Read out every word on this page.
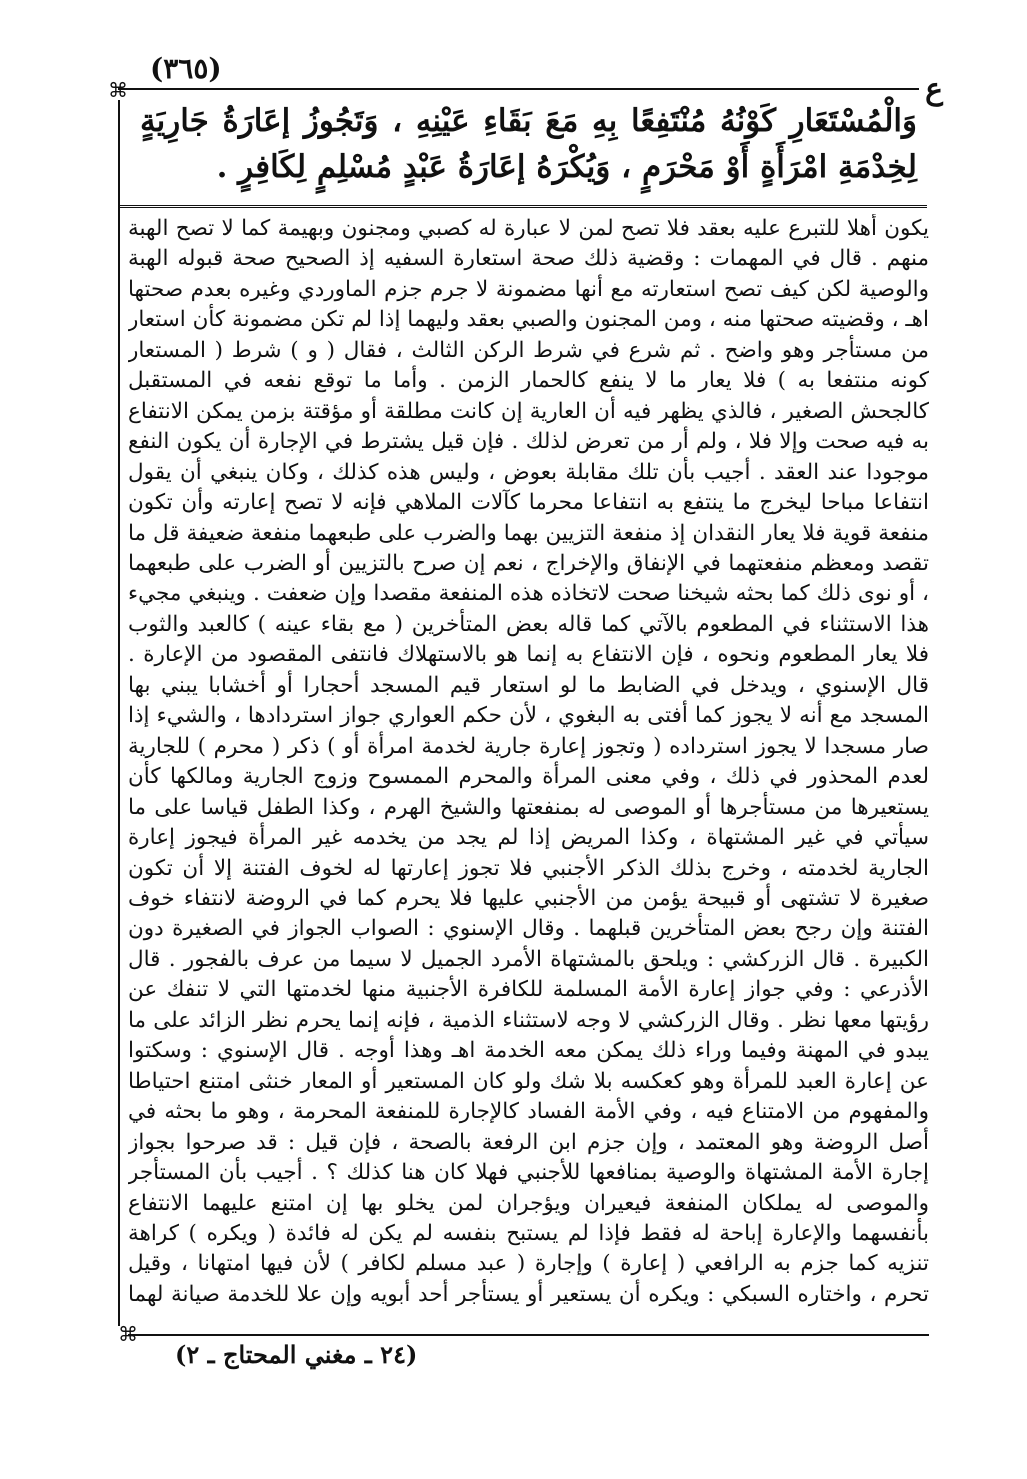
(٣٦٥)
⌘	ع
وَالْمُسْتَعَارِ كَوْنُهُ مُنْتَفِعًا بِهِ مَعَ بَقَاءِ عَيْنِهِ ، وَتَجُوزُ إعَارَةُ جَارِيَةٍ لِخِدْمَةِ امْرَأَةٍ أَوْ مَحْرَمٍ ، وَيُكْرَهُ إعَارَةُ عَبْدٍ مُسْلِمٍ لِكَافِرٍ .

يكون أهلا للتبرع عليه بعقد فلا تصح لمن لا عبارة له كصبي ومجنون وبهيمة كما لا تصح الهبة منهم . قال في المهمات : وقضية ذلك صحة استعارة السفيه إذ الصحيح صحة قبوله الهبة والوصية لكن كيف تصح استعارته مع أنها مضمونة لا جرم جزم الماوردي وغيره بعدم صحتها اهـ ، وقضيته صحتها منه ، ومن المجنون والصبي بعقد وليهما إذا لم تكن مضمونة كأن استعار من مستأجر وهو واضح . ثم شرع في شرط الركن الثالث ، فقال ( و ) شرط ( المستعار كونه منتفعا به ) فلا يعار ما لا ينفع كالحمار الزمن . وأما ما توقع نفعه في المستقبل كالجحش الصغير ، فالذي يظهر فيه أن العارية إن كانت مطلقة أو مؤقتة بزمن يمكن الانتفاع به فيه صحت وإلا فلا ، ولم أر من تعرض لذلك . فإن قيل يشترط في الإجارة أن يكون النفع موجودا عند العقد . أجيب بأن تلك مقابلة بعوض ، وليس هذه كذلك ، وكان ينبغي أن يقول انتفاعا مباحا ليخرج ما ينتفع به انتفاعا محرما كآلات الملاهي فإنه لا تصح إعارته وأن تكون منفعة قوية فلا يعار النقدان إذ منفعة التزيين بهما والضرب على طبعهما منفعة ضعيفة قل ما تقصد ومعظم منفعتهما في الإنفاق والإخراج ، نعم إن صرح بالتزيين أو الضرب على طبعهما ، أو نوى ذلك كما بحثه شيخنا صحت لاتخاذه هذه المنفعة مقصدا وإن ضعفت . وينبغي مجيء هذا الاستثناء في المطعوم بالآتي كما قاله بعض المتأخرين ( مع بقاء عينه ) كالعبد والثوب فلا يعار المطعوم ونحوه ، فإن الانتفاع به إنما هو بالاستهلاك فانتفى المقصود من الإعارة . قال الإسنوي ، ويدخل في الضابط ما لو استعار قيم المسجد أحجارا أو أخشابا يبني بها المسجد مع أنه لا يجوز كما أفتى به البغوي ، لأن حكم العواري جواز استردادها ، والشيء إذا صار مسجدا لا يجوز استرداده ( وتجوز إعارة جارية لخدمة امرأة أو ) ذكر ( محرم ) للجارية لعدم المحذور في ذلك ، وفي معنى المرأة والمحرم الممسوح وزوج الجارية ومالكها كأن يستعيرها من مستأجرها أو الموصى له بمنفعتها والشيخ الهرم ، وكذا الطفل قياسا على ما سيأتي في غير المشتهاة ، وكذا المريض إذا لم يجد من يخدمه غير المرأة فيجوز إعارة الجارية لخدمته ، وخرج بذلك الذكر الأجنبي فلا تجوز إعارتها له لخوف الفتنة إلا أن تكون صغيرة لا تشتهى أو قبيحة يؤمن من الأجنبي عليها فلا يحرم كما في الروضة لانتفاء خوف الفتنة وإن رجح بعض المتأخرين قبلهما . وقال الإسنوي : الصواب الجواز في الصغيرة دون الكبيرة . قال الزركشي : ويلحق بالمشتهاة الأمرد الجميل لا سيما من عرف بالفجور . قال الأذرعي : وفي جواز إعارة الأمة المسلمة للكافرة الأجنبية منها لخدمتها التي لا تنفك عن رؤيتها معها نظر . وقال الزركشي لا وجه لاستثناء الذمية ، فإنه إنما يحرم نظر الزائد على ما يبدو في المهنة وفيما وراء ذلك يمكن معه الخدمة اهـ وهذا أوجه . قال الإسنوي : وسكتوا عن إعارة العبد للمرأة وهو كعكسه بلا شك ولو كان المستعير أو المعار خنثى امتنع احتياطا والمفهوم من الامتناع فيه ، وفي الأمة الفساد كالإجارة للمنفعة المحرمة ، وهو ما بحثه في أصل الروضة وهو المعتمد ، وإن جزم ابن الرفعة بالصحة ، فإن قيل : قد صرحوا بجواز إجارة الأمة المشتهاة والوصية بمنافعها للأجنبي فهلا كان هنا كذلك ؟ . أجيب بأن المستأجر والموصى له يملكان المنفعة فيعيران ويؤجران لمن يخلو بها إن امتنع عليهما الانتفاع بأنفسهما والإعارة إباحة له فقط فإذا لم يستبح بنفسه لم يكن له فائدة ( ويكره ) كراهة تنزيه كما جزم به الرافعي ( إعارة ) وإجارة ( عبد مسلم لكافر ) لأن فيها امتهانا ، وقيل تحرم ، واختاره السبكي : ويكره أن يستعير أو يستأجر أحد أبويه وإن علا للخدمة صيانة لهما

⌘
(٢٤ ـ مغني المحتاج ـ ٢)
